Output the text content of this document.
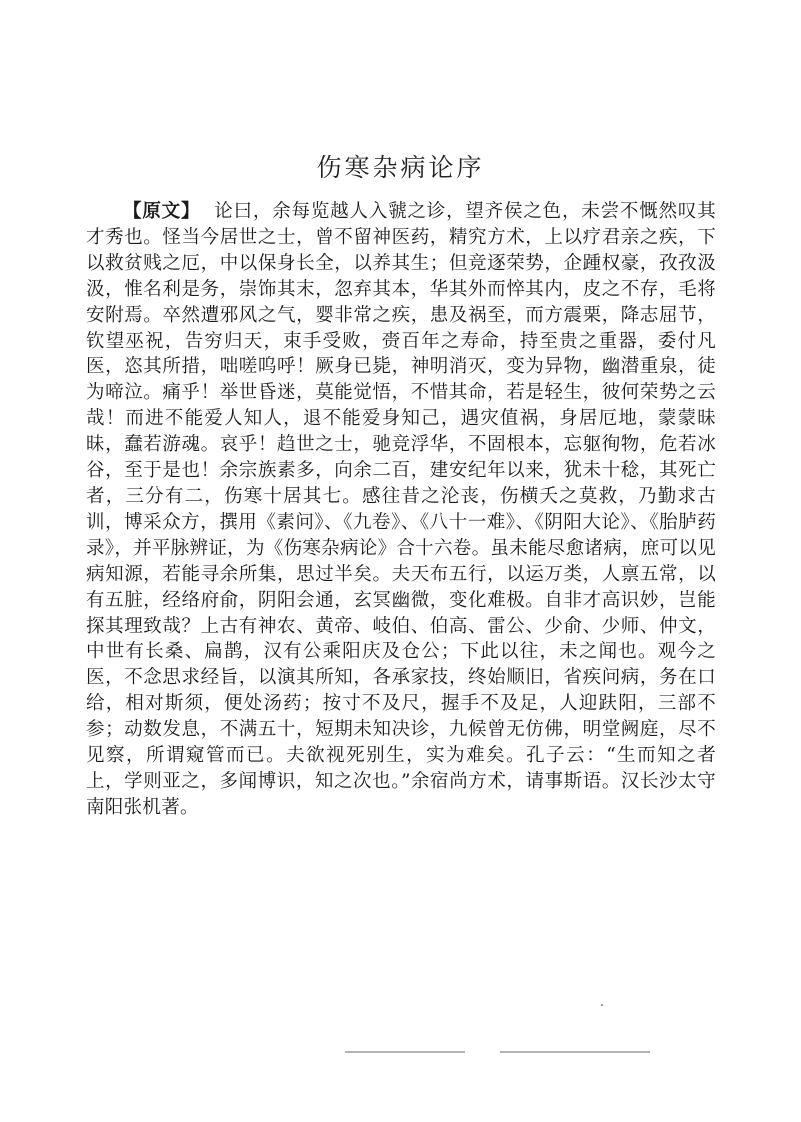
伤寒杂病论序
【原文】 论曰，余每览越人入虢之诊，望齐侯之色，未尝不慨然叹其才秀也。怪当今居世之士，曾不留神医药，精究方术，上以疗君亲之疾，下以救贫贱之厄，中以保身长全，以养其生；但竞逐荣势，企踵权豪，孜孜汲汲，惟名利是务，崇饰其末，忽弃其本，华其外而悴其内，皮之不存，毛将安附焉。卒然遭邪风之气，婴非常之疾，患及祸至，而方震栗，降志屈节，钦望巫祝，告穷归天，束手受败，赍百年之寿命，持至贵之重器，委付凡医，恣其所措，咄嗟呜呼！厥身已毙，神明消灭，变为异物，幽潜重泉，徒为啼泣。痛乎！举世昏迷，莫能觉悟，不惜其命，若是轻生，彼何荣势之云哉！而进不能爱人知人，退不能爱身知己，遇灾值祸，身居厄地，蒙蒙昧昧，蠢若游魂。哀乎！趋世之士，驰竞浮华，不固根本，忘躯徇物，危若冰谷，至于是也！余宗族素多，向余二百，建安纪年以来，犹未十稔，其死亡者，三分有二，伤寒十居其七。感往昔之沦丧，伤横夭之莫救，乃勤求古训，博采众方，撰用《素问》、《九卷》、《八十一难》、《阴阳大论》、《胎胪药录》，并平脉辨证，为《伤寒杂病论》合十六卷。虽未能尽愈诸病，庶可以见病知源，若能寻余所集，思过半矣。夫天布五行，以运万类，人禀五常，以有五脏，经络府俞，阴阳会通，玄冥幽微，变化难极。自非才高识妙，岂能探其理致哉？上古有神农、黄帝、岐伯、伯高、雷公、少俞、少师、仲文，中世有长桑、扁鹊，汉有公乘阳庆及仓公；下此以往，未之闻也。观今之医，不念思求经旨，以演其所知，各承家技，终始顺旧，省疾问病，务在口给，相对斯须，便处汤药；按寸不及尺，握手不及足，人迎趺阳，三部不参；动数发息，不满五十，短期未知决诊，九候曾无仿佛，明堂阙庭，尽不见察，所谓窥管而已。夫欲视死别生，实为难矣。孔子云：“生而知之者上，学则亚之，多闻博识，知之次也。”余宿尚方术，请事斯语。汉长沙太守南阳张机著。
